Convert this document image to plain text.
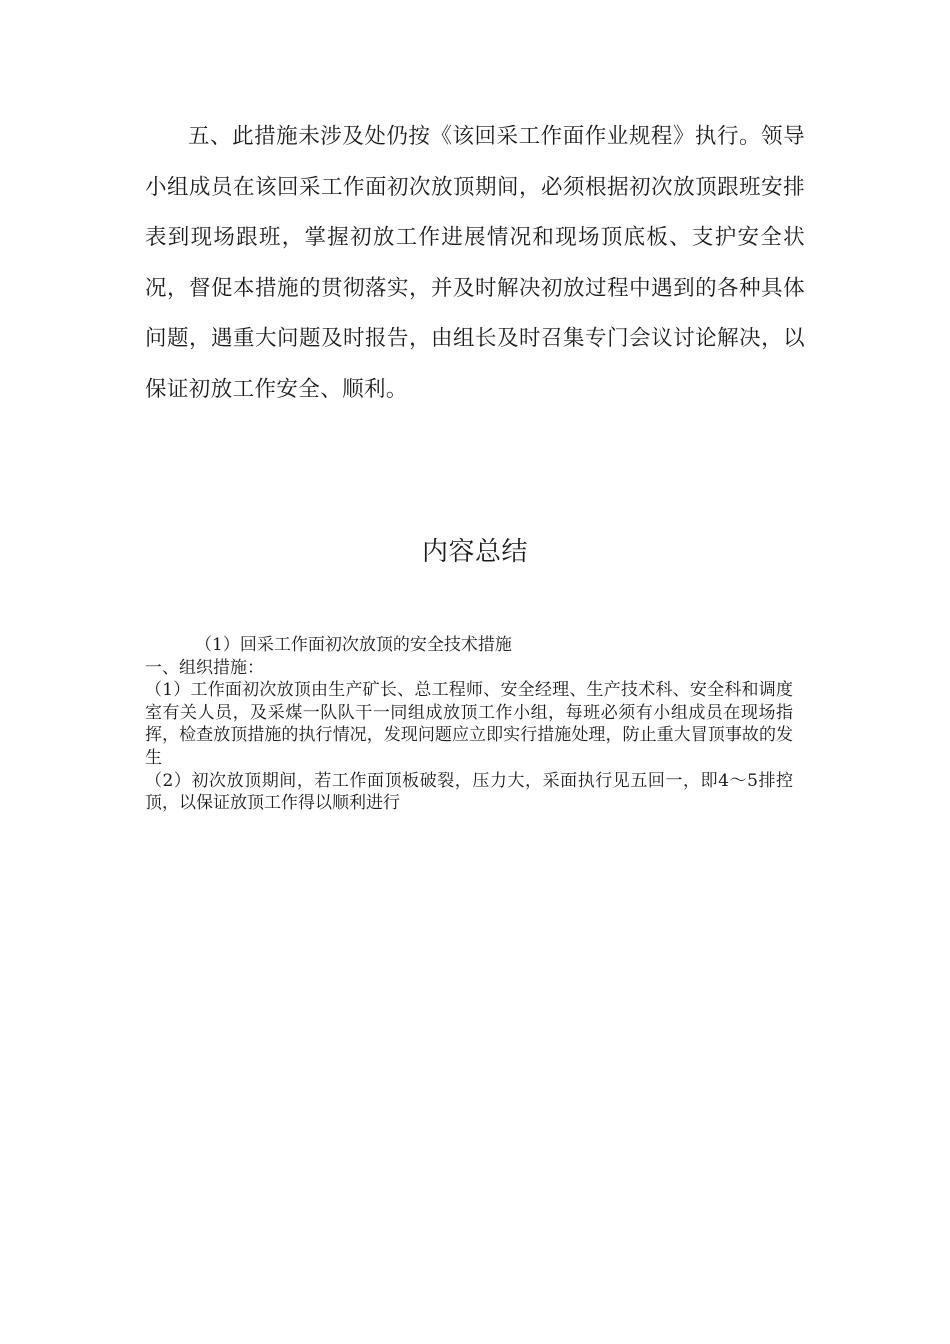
五、此措施未涉及处仍按《该回采工作面作业规程》执行。领导小组成员在该回采工作面初次放顶期间，必须根据初次放顶跟班安排表到现场跟班，掌握初放工作进展情况和现场顶底板、支护安全状况，督促本措施的贯彻落实，并及时解决初放过程中遇到的各种具体问题，遇重大问题及时报告，由组长及时召集专门会议讨论解决，以保证初放工作安全、顺利。

内容总结

（1）回采工作面初次放顶的安全技术措施

一、组织措施：

（1）工作面初次放顶由生产矿长、总工程师、安全经理、生产技术科、安全科和调度室有关人员，及采煤一队队干一同组成放顶工作小组，每班必须有小组成员在现场指挥，检查放顶措施的执行情况，发现问题应立即实行措施处理，防止重大冒顶事故的发生

（2）初次放顶期间，若工作面顶板破裂，压力大，采面执行见五回一，即4～5排控顶，以保证放顶工作得以顺利进行
